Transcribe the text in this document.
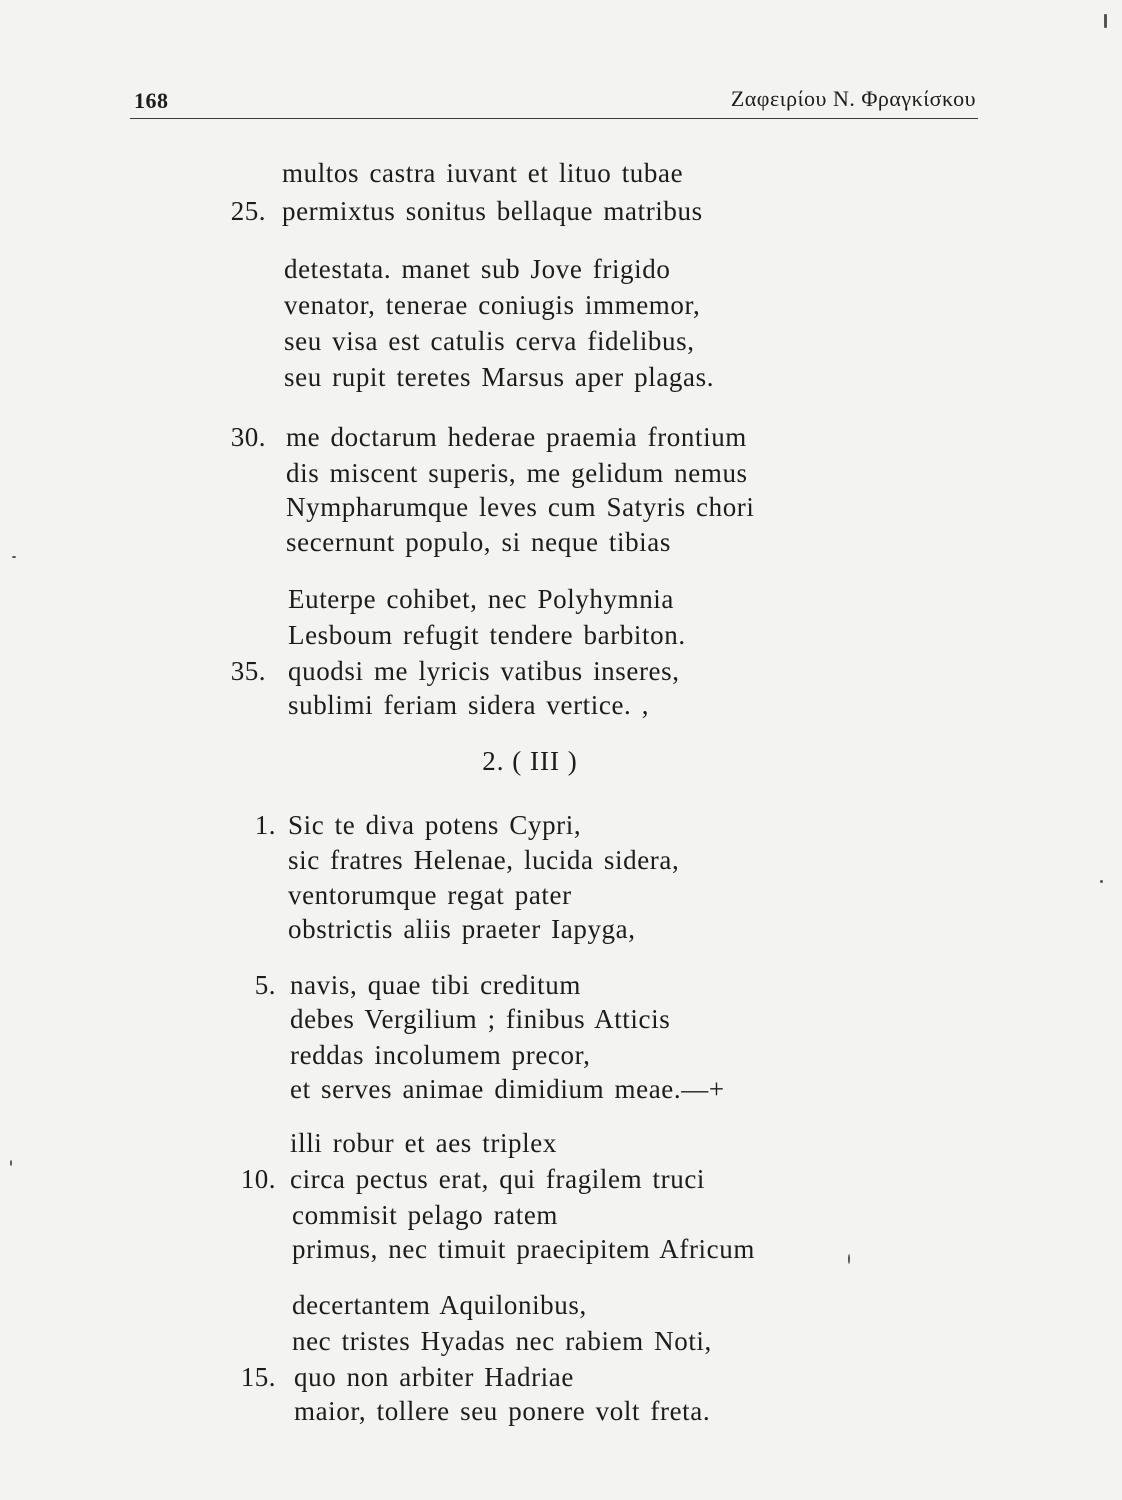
168	Ζαφειρίου Ν. Φραγκίσκου
multos castra iuvant et lituo tubae
25. permixtus sonitus bellaque matribus
detestata. manet sub Jove frigido
venator, tenerae coniugis immemor,
seu visa est catulis cerva fidelibus,
seu rupit teretes Marsus aper plagas.
30. me doctarum hederae praemia frontium
dis miscent superis, me gelidum nemus
Nympharumque leves cum Satyris chori
secernunt populo, si neque tibias
Euterpe cohibet, nec Polyhymnia
Lesboum refugit tendere barbiton.
35. quodsi me lyricis vatibus inseres,
sublimi feriam sidera vertice. ,
2. ( III )
1. Sic te diva potens Cypri,
sic fratres Helenae, lucida sidera,
ventorumque regat pater
obstrictis aliis praeter Iapyga,
5. navis, quae tibi creditum
debes Vergilium ; finibus Atticis
reddas incolumem precor,
et serves animae dimidium meae.—+
illi robur et aes triplex
10. circa pectus erat, qui fragilem truci
commisit pelago ratem
primus, nec timuit praecipitem Africum
decertantem Aquilonibus,
nec tristes Hyadas nec rabiem Noti,
15. quo non arbiter Hadriae
maior, tollere seu ponere volt freta.
